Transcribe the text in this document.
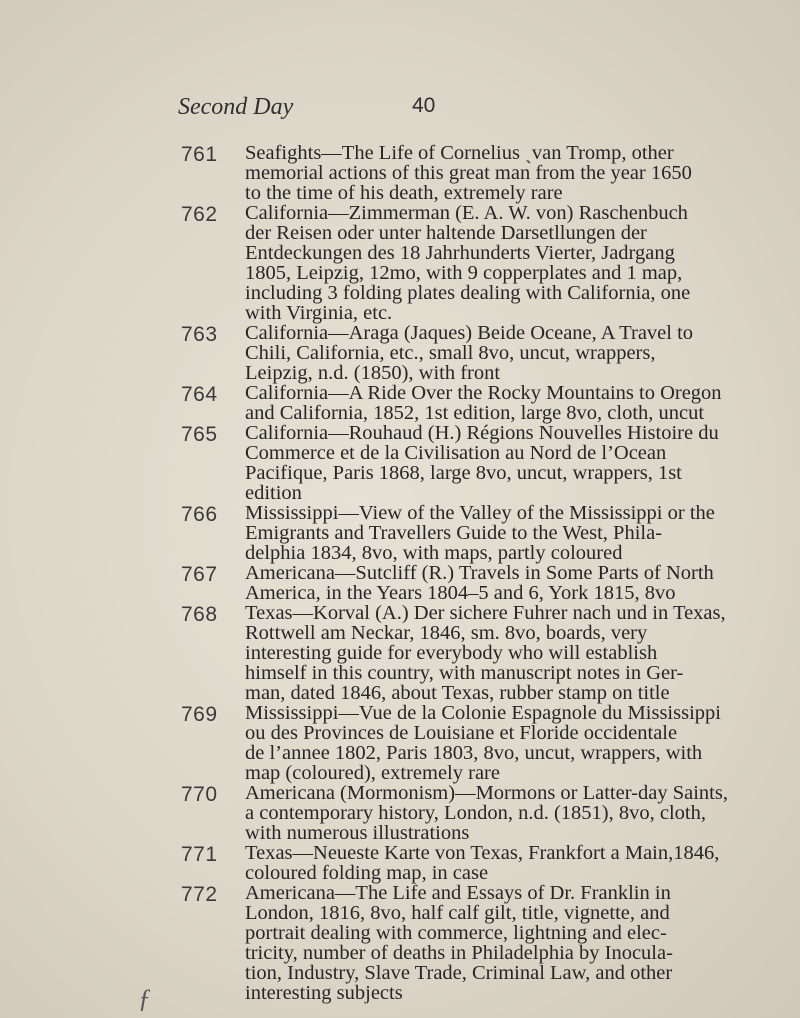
Second Day	40
761 Seafights—The Life of Cornelius ˎvan Tromp, other
memorial actions of this great man from the year 1650
to the time of his death, extremely rare
762 California—Zimmerman (E. A. W. von) Raschenbuch
der Reisen oder unter haltende Darsetllungen der
Entdeckungen des 18 Jahrhunderts Vierter, Jadrgang
1805, Leipzig, 12mo, with 9 copperplates and 1 map,
including 3 folding plates dealing with California, one
with Virginia, etc.
763 California—Araga (Jaques) Beide Oceane, A Travel to
Chili, California, etc., small 8vo, uncut, wrappers,
Leipzig, n.d. (1850), with front
764 California—A Ride Over the Rocky Mountains to Oregon
and California, 1852, 1st edition, large 8vo, cloth, uncut
765 California—Rouhaud (H.) Régions Nouvelles Histoire du
Commerce et de la Civilisation au Nord de l’Ocean
Pacifique, Paris 1868, large 8vo, uncut, wrappers, 1st
edition
766 Mississippi—View of the Valley of the Mississippi or the
Emigrants and Travellers Guide to the West, Phila-
delphia 1834, 8vo, with maps, partly coloured
767 Americana—Sutcliff (R.) Travels in Some Parts of North
America, in the Years 1804–5 and 6, York 1815, 8vo
768 Texas—Korval (A.) Der sichere Fuhrer nach und in Texas,
Rottwell am Neckar, 1846, sm. 8vo, boards, very
interesting guide for everybody who will establish
himself in this country, with manuscript notes in Ger-
man, dated 1846, about Texas, rubber stamp on title
769 Mississippi—Vue de la Colonie Espagnole du Mississippi
ou des Provinces de Louisiane et Floride occidentale
de l’annee 1802, Paris 1803, 8vo, uncut, wrappers, with
map (coloured), extremely rare
770 Americana (Mormonism)—Mormons or Latter-day Saints,
a contemporary history, London, n.d. (1851), 8vo, cloth,
with numerous illustrations
771 Texas—Neueste Karte von Texas, Frankfort a Main,1846,
coloured folding map, in case
772 Americana—The Life and Essays of Dr. Franklin in
London, 1816, 8vo, half calf gilt, title, vignette, and
portrait dealing with commerce, lightning and elec-
tricity, number of deaths in Philadelphia by Inocula-
tion, Industry, Slave Trade, Criminal Law, and other
interesting subjects
ƒ
